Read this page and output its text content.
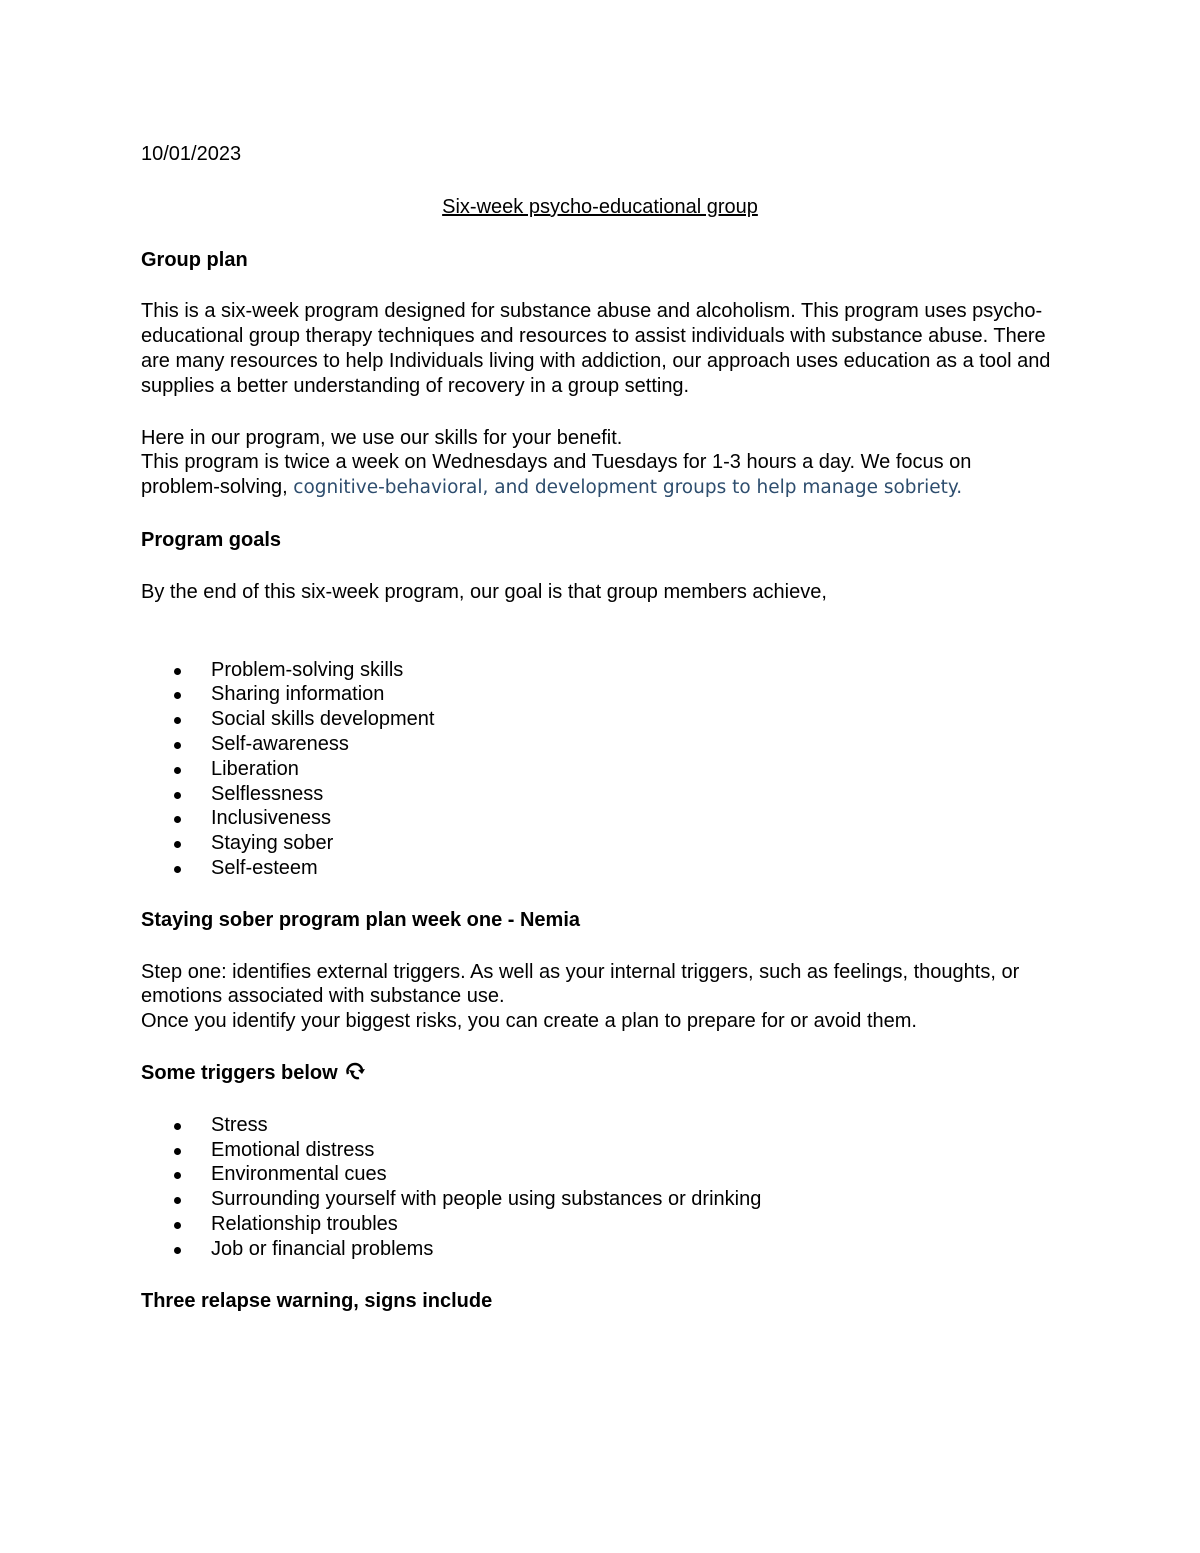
10/01/2023

Six-week psycho-educational group

Group plan

This is a six-week program designed for substance abuse and alcoholism. This program uses psycho-educational group therapy techniques and resources to assist individuals with substance abuse. There are many resources to help Individuals living with addiction, our approach uses education as a tool and supplies a better understanding of recovery in a group setting.

Here in our program, we use our skills for your benefit.

This program is twice a week on Wednesdays and Tuesdays for 1-3 hours a day. We focus on problem-solving, cognitive-behavioral, and development groups to help manage sobriety.

Program goals

By the end of this six-week program, our goal is that group members achieve,

Problem-solving skills
Sharing information
Social skills development
Self-awareness
Liberation
Selflessness
Inclusiveness
Staying sober
Self-esteem

Staying sober program plan week one - Nemia

Step one: identifies external triggers. As well as your internal triggers, such as feelings, thoughts, or emotions associated with substance use.

Once you identify your biggest risks, you can create a plan to prepare for or avoid them.

Some triggers below

Stress
Emotional distress
Environmental cues
Surrounding yourself with people using substances or drinking
Relationship troubles
Job or financial problems

Three relapse warning, signs include
